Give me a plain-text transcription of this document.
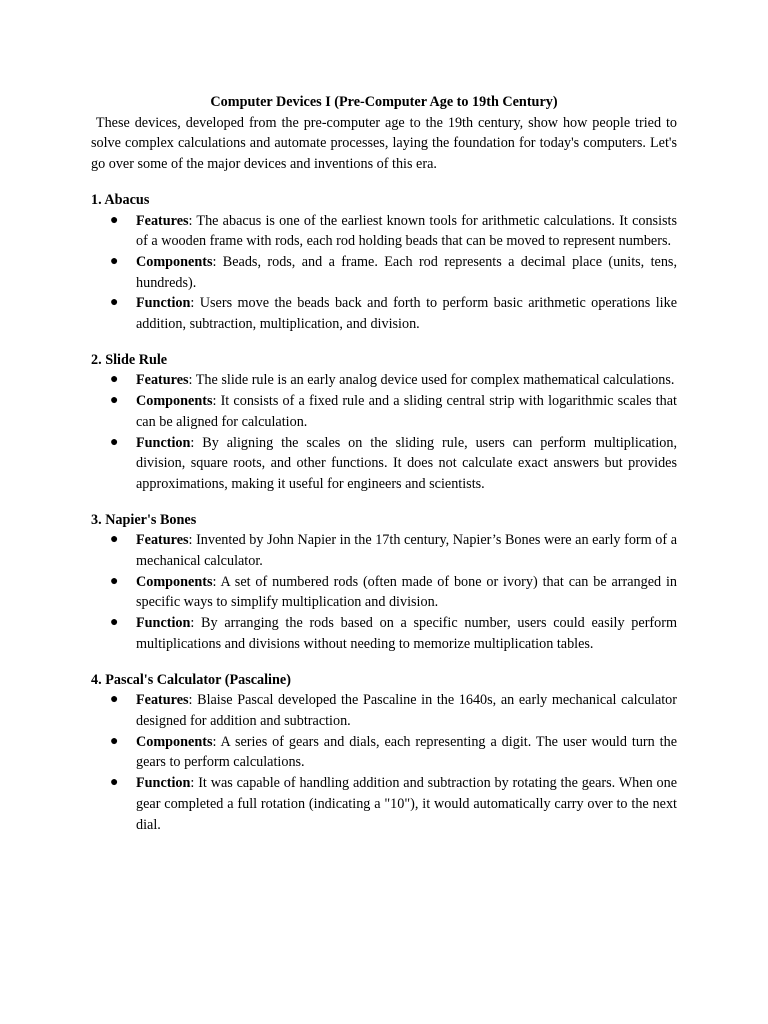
Computer Devices I (Pre-Computer Age to 19th Century)

These devices, developed from the pre-computer age to the 19th century, show how people tried to solve complex calculations and automate processes, laying the foundation for today's computers. Let's go over some of the major devices and inventions of this era.

1. Abacus

● Features: The abacus is one of the earliest known tools for arithmetic calculations. It consists of a wooden frame with rods, each rod holding beads that can be moved to represent numbers.
● Components: Beads, rods, and a frame. Each rod represents a decimal place (units, tens, hundreds).
● Function: Users move the beads back and forth to perform basic arithmetic operations like addition, subtraction, multiplication, and division.

2. Slide Rule

● Features: The slide rule is an early analog device used for complex mathematical calculations.
● Components: It consists of a fixed rule and a sliding central strip with logarithmic scales that can be aligned for calculation.
● Function: By aligning the scales on the sliding rule, users can perform multiplication, division, square roots, and other functions. It does not calculate exact answers but provides approximations, making it useful for engineers and scientists.

3. Napier's Bones

● Features: Invented by John Napier in the 17th century, Napier’s Bones were an early form of a mechanical calculator.
● Components: A set of numbered rods (often made of bone or ivory) that can be arranged in specific ways to simplify multiplication and division.
● Function: By arranging the rods based on a specific number, users could easily perform multiplications and divisions without needing to memorize multiplication tables.

4. Pascal's Calculator (Pascaline)

● Features: Blaise Pascal developed the Pascaline in the 1640s, an early mechanical calculator designed for addition and subtraction.
● Components: A series of gears and dials, each representing a digit. The user would turn the gears to perform calculations.
● Function: It was capable of handling addition and subtraction by rotating the gears. When one gear completed a full rotation (indicating a "10"), it would automatically carry over to the next dial.
